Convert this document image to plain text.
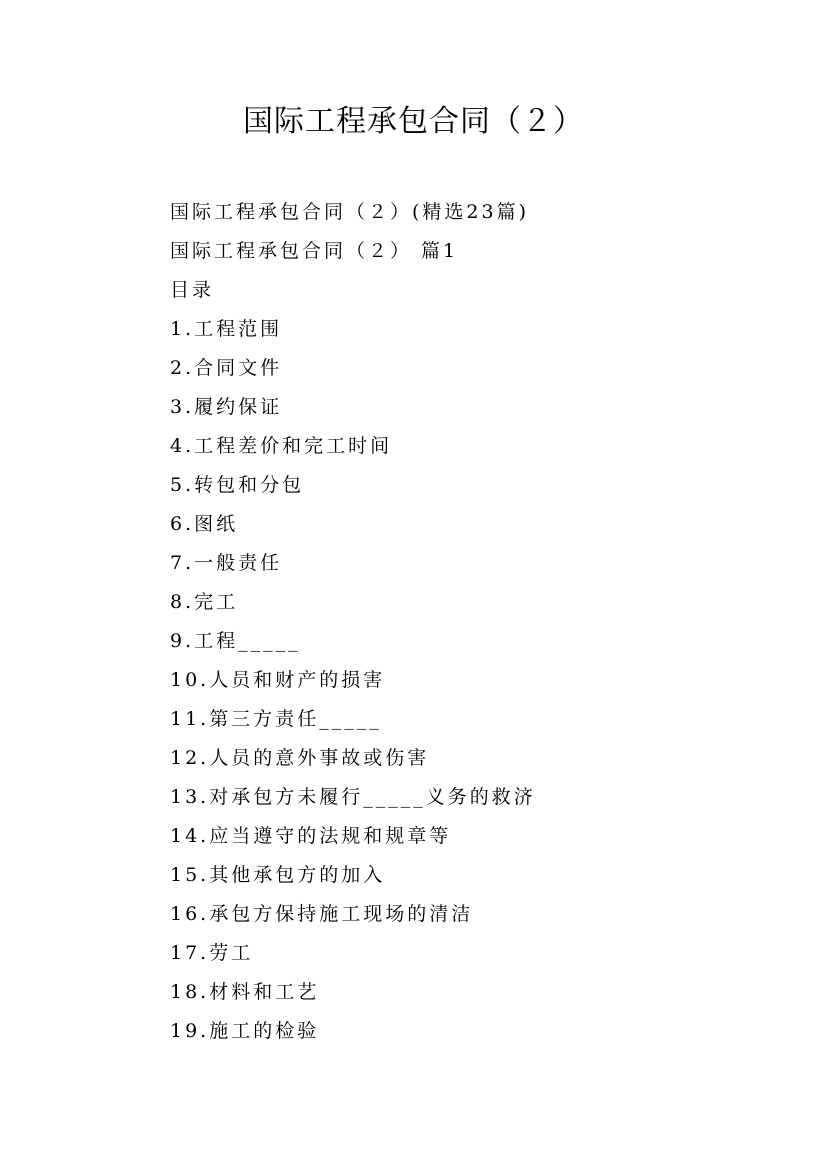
国际工程承包合同（２）
国际工程承包合同（２）(精选23篇)
国际工程承包合同（２） 篇1
目录
1.工程范围
2.合同文件
3.履约保证
4.工程差价和完工时间
5.转包和分包
6.图纸
7.一般责任
8.完工
9.工程_____
10.人员和财产的损害
11.第三方责任_____
12.人员的意外事故或伤害
13.对承包方未履行_____义务的救济
14.应当遵守的法规和规章等
15.其他承包方的加入
16.承包方保持施工现场的清洁
17.劳工
18.材料和工艺
19.施工的检验
